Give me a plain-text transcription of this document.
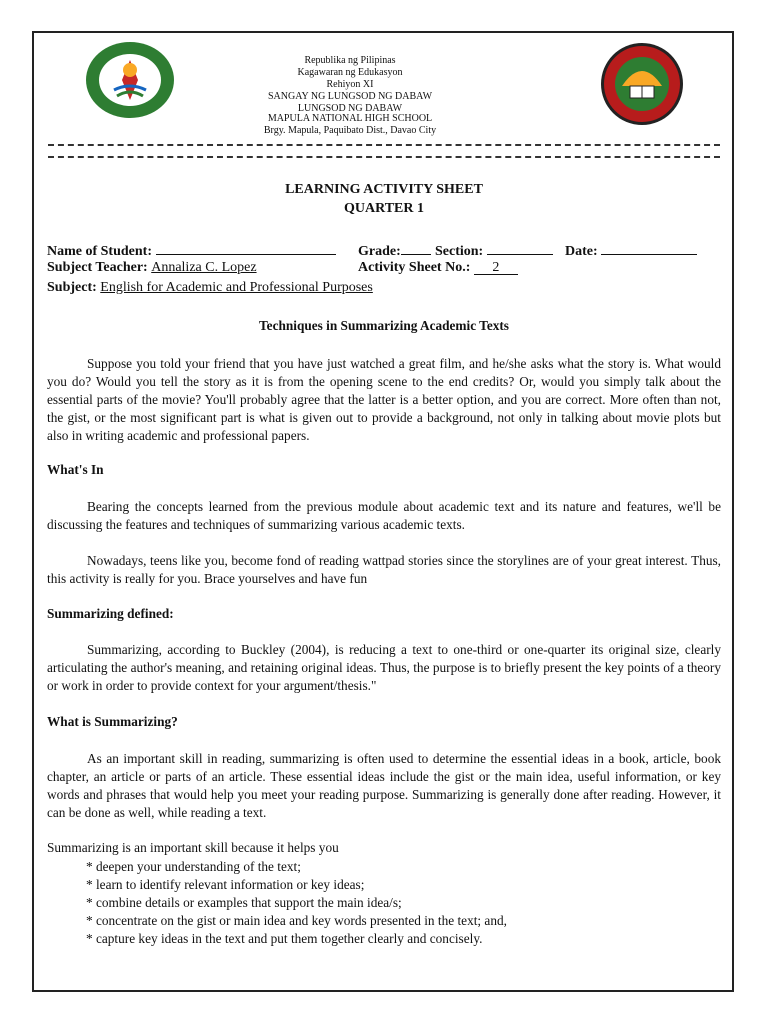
Republika ng Pilipinas
Kagawaran ng Edukasyon
Rehiyon XI
SANGAY NG LUNGSOD NG DABAW
LUNGSOD NG DABAW
MAPULA NATIONAL HIGH SCHOOL
Brgy. Mapula, Paquibato Dist., Davao City
LEARNING ACTIVITY SHEET
QUARTER 1
Name of Student:	Grade:	Section:	Date:
Subject Teacher: Annaliza C. Lopez	Activity Sheet No.: 2
Subject: English for Academic and Professional Purposes
Techniques in Summarizing Academic Texts
Suppose you told your friend that you have just watched a great film, and he/she asks what the story is. What would you do? Would you tell the story as it is from the opening scene to the end credits? Or, would you simply talk about the essential parts of the movie? You'll probably agree that the latter is a better option, and you are correct. More often than not, the gist, or the most significant part is what is given out to provide a background, not only in talking about movie plots but also in writing academic and professional papers.
What's In
Bearing the concepts learned from the previous module about academic text and its nature and features, we'll be discussing the features and techniques of summarizing various academic texts.
Nowadays, teens like you, become fond of reading wattpad stories since the storylines are of your great interest. Thus, this activity is really for you. Brace yourselves and have fun
Summarizing defined:
Summarizing, according to Buckley (2004), is reducing a text to one-third or one-quarter its original size, clearly articulating the author's meaning, and retaining original ideas. Thus, the purpose is to briefly present the key points of a theory or work in order to provide context for your argument/thesis."
What is Summarizing?
As an important skill in reading, summarizing is often used to determine the essential ideas in a book, article, book chapter, an article or parts of an article. These essential ideas include the gist or the main idea, useful information, or key words and phrases that would help you meet your reading purpose. Summarizing is generally done after reading. However, it can be done as well, while reading a text.
Summarizing is an important skill because it helps you
* deepen your understanding of the text;
* learn to identify relevant information or key ideas;
* combine details or examples that support the main idea/s;
* concentrate on the gist or main idea and key words presented in the text; and,
* capture key ideas in the text and put them together clearly and concisely.
